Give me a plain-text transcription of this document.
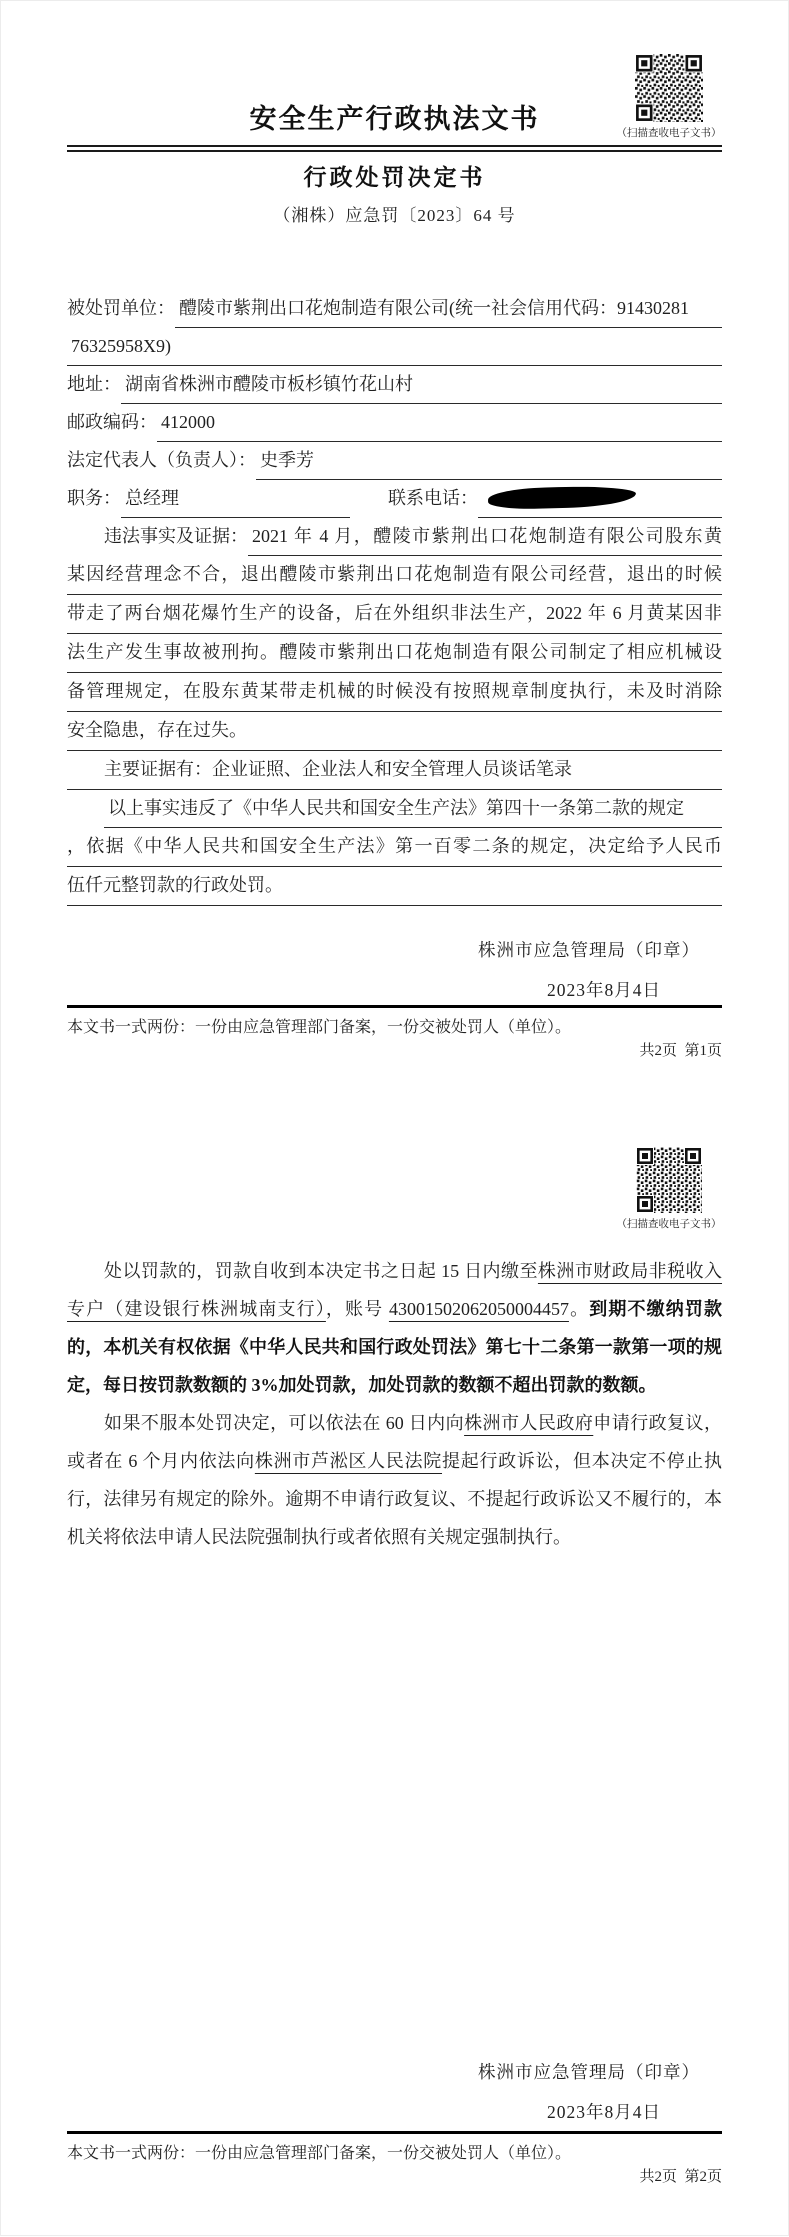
（扫描查收电子文书）
安全生产行政执法文书
行政处罚决定书
（湘株）应急罚〔2023〕64 号
被处罚单位： 醴陵市紫荆出口花炮制造有限公司(统一社会信用代码：91430281
76325958X9)
地址： 湖南省株洲市醴陵市板杉镇竹花山村
邮政编码： 412000
法定代表人（负责人）： 史季芳
职务： 总经理	联系电话：
违法事实及证据： 2021 年 4 月，醴陵市紫荆出口花炮制造有限公司股东黄
某因经营理念不合，退出醴陵市紫荆出口花炮制造有限公司经营，退出的时候
带走了两台烟花爆竹生产的设备，后在外组织非法生产，2022 年 6 月黄某因非
法生产发生事故被刑拘。醴陵市紫荆出口花炮制造有限公司制定了相应机械设
备管理规定，在股东黄某带走机械的时候没有按照规章制度执行，未及时消除
安全隐患，存在过失。
主要证据有：企业证照、企业法人和安全管理人员谈话笔录
以上事实违反了《中华人民共和国安全生产法》第四十一条第二款的规定
，依据《中华人民共和国安全生产法》第一百零二条的规定，决定给予人民币
伍仟元整罚款的行政处罚。
株洲市应急管理局（印章）
2023年8月4日
本文书一式两份：一份由应急管理部门备案，一份交被处罚人（单位）。
共2页  第1页
（扫描查收电子文书）

处以罚款的，罚款自收到本决定书之日起 15 日内缴至株洲市财政局非税收入专户（建设银行株洲城南支行），账号 43001502062050004457。到期不缴纳罚款的，本机关有权依据《中华人民共和国行政处罚法》第七十二条第一款第一项的规定，每日按罚款数额的 3%加处罚款，加处罚款的数额不超出罚款的数额。

如果不服本处罚决定，可以依法在 60 日内向株洲市人民政府申请行政复议，或者在 6 个月内依法向株洲市芦淞区人民法院提起行政诉讼，但本决定不停止执行，法律另有规定的除外。逾期不申请行政复议、不提起行政诉讼又不履行的，本机关将依法申请人民法院强制执行或者依照有关规定强制执行。

株洲市应急管理局（印章）
2023年8月4日
本文书一式两份：一份由应急管理部门备案，一份交被处罚人（单位）。
共2页  第2页
